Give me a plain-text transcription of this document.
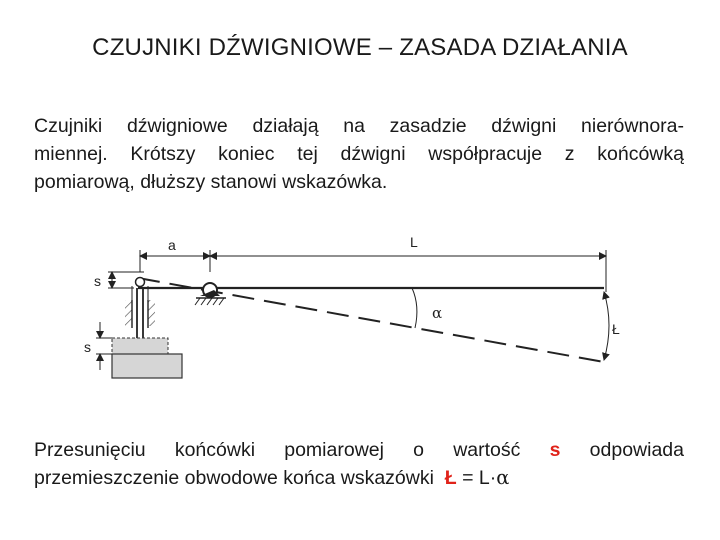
CZUJNIKI DŹWIGNIOWE – ZASADA DZIAŁANIA
Czujniki dźwigniowe działają na zasadzie dźwigni nierównora-
miennej. Krótszy koniec tej dźwigni współpracuje z końcówką
pomiarową, dłuższy stanowi wskazówka.
a	L
α
Ł
s
s
Przesunięciu końcówki pomiarowej o wartość s odpowiada
przemieszczenie obwodowe końca wskazówki Ł = L·α
